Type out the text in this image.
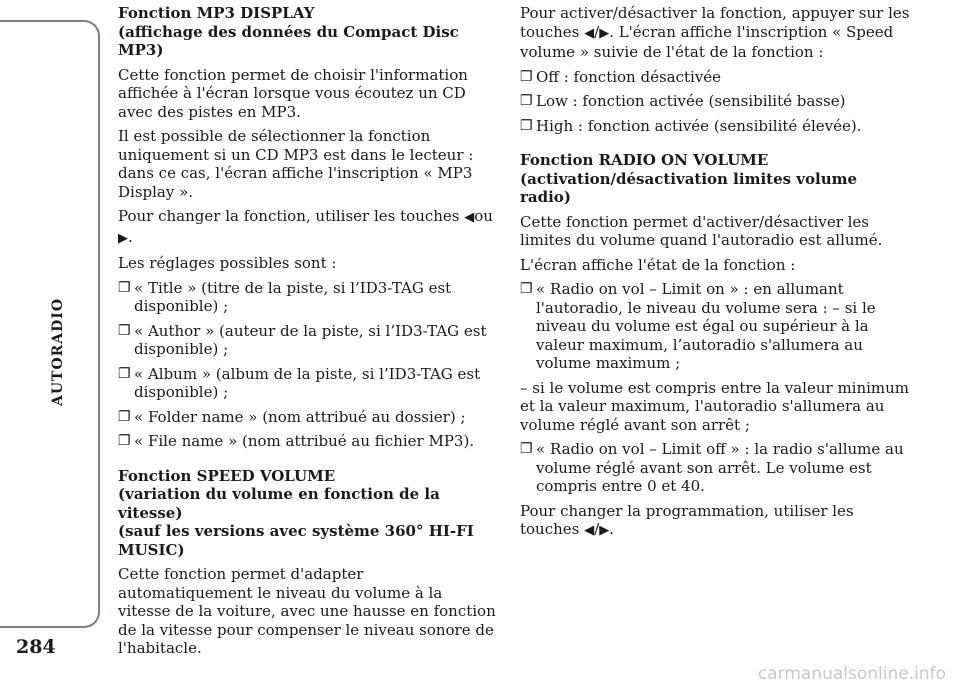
AUTORADIO
284
Fonction MP3 DISPLAY
(affichage des données du Compact Disc MP3)

Cette fonction permet de choisir l'information affichée à l'écran lorsque vous écoutez un CD avec des pistes en MP3.

Il est possible de sélectionner la fonction uniquement si un CD MP3 est dans le lecteur : dans ce cas, l'écran affiche l'inscription « MP3 Display ».

Pour changer la fonction, utiliser les touches ◀ou ▶.

Les réglages possibles sont :

❐ « Title » (titre de la piste, si l’ID3-TAG est disponible) ;
❐ « Author » (auteur de la piste, si l’ID3-TAG est disponible) ;
❐ « Album » (album de la piste, si l’ID3-TAG est disponible) ;
❐ « Folder name » (nom attribué au dossier) ;
❐ « File name » (nom attribué au fichier MP3).
Fonction SPEED VOLUME
(variation du volume en fonction de la vitesse)
(sauf les versions avec système 360° HI-FI MUSIC)

Cette fonction permet d'adapter automatiquement le niveau du volume à la vitesse de la voiture, avec une hausse en fonction de la vitesse pour compenser le niveau sonore de l'habitacle.

Pour activer/désactiver la fonction, appuyer sur les touches ◀/▶. L'écran affiche l'inscription « Speed volume » suivie de l'état de la fonction :

❐ Off : fonction désactivée
❐ Low : fonction activée (sensibilité basse)
❐ High : fonction activée (sensibilité élevée).
Fonction RADIO ON VOLUME
(activation/désactivation limites volume radio)

Cette fonction permet d'activer/désactiver les limites du volume quand l'autoradio est allumé.

L'écran affiche l'état de la fonction :

❐ « Radio on vol – Limit on » : en allumant l'autoradio, le niveau du volume sera : – si le niveau du volume est égal ou supérieur à la valeur maximum, l’autoradio s'allumera au volume maximum ;

– si le volume est compris entre la valeur minimum et la valeur maximum, l'autoradio s'allumera au volume réglé avant son arrêt ;

❐ « Radio on vol – Limit off » : la radio s'allume au volume réglé avant son arrêt. Le volume est compris entre 0 et 40.

Pour changer la programmation, utiliser les touches ◀/▶.

carmanualsonline.info
